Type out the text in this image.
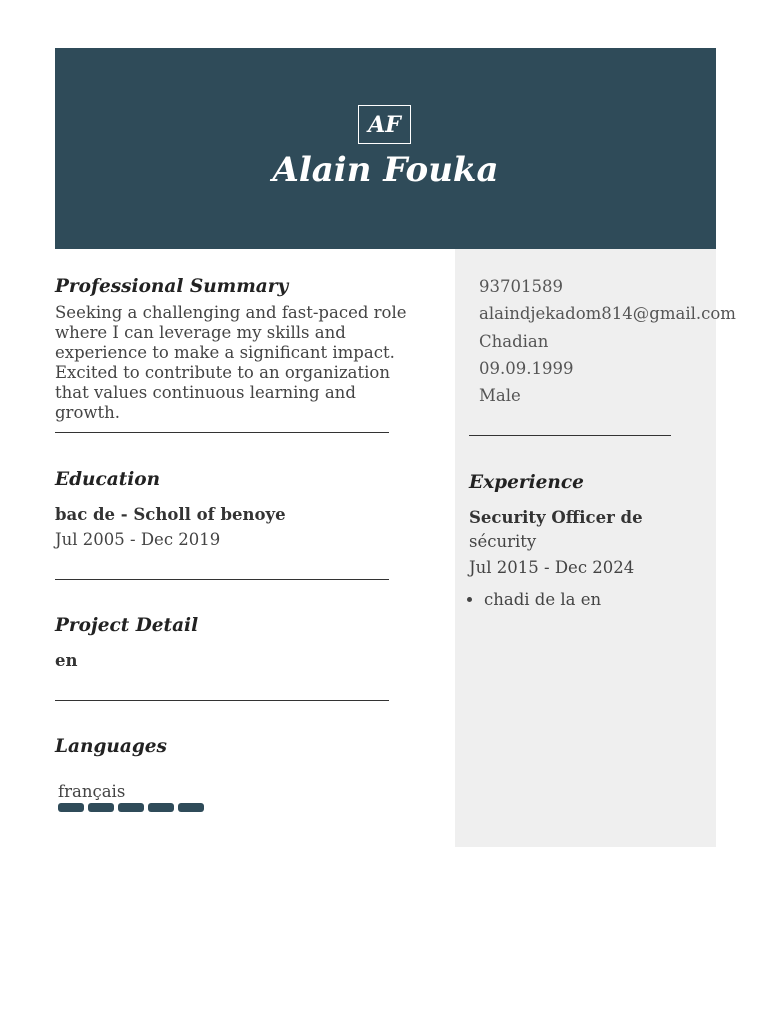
AF
Alain Fouka
Professional Summary
Seeking a challenging and fast-paced role where I can leverage my skills and experience to make a significant impact. Excited to contribute to an organization that values continuous learning and growth.
Education
bac de - Scholl of benoye
Jul 2005 - Dec 2019
Project Detail
en
Languages
français
93701589
alaindjekadom814@gmail.com
Chadian
09.09.1999
Male
Experience
Security Officer de
sécurity
Jul 2015 - Dec 2024
• chadi de la en
